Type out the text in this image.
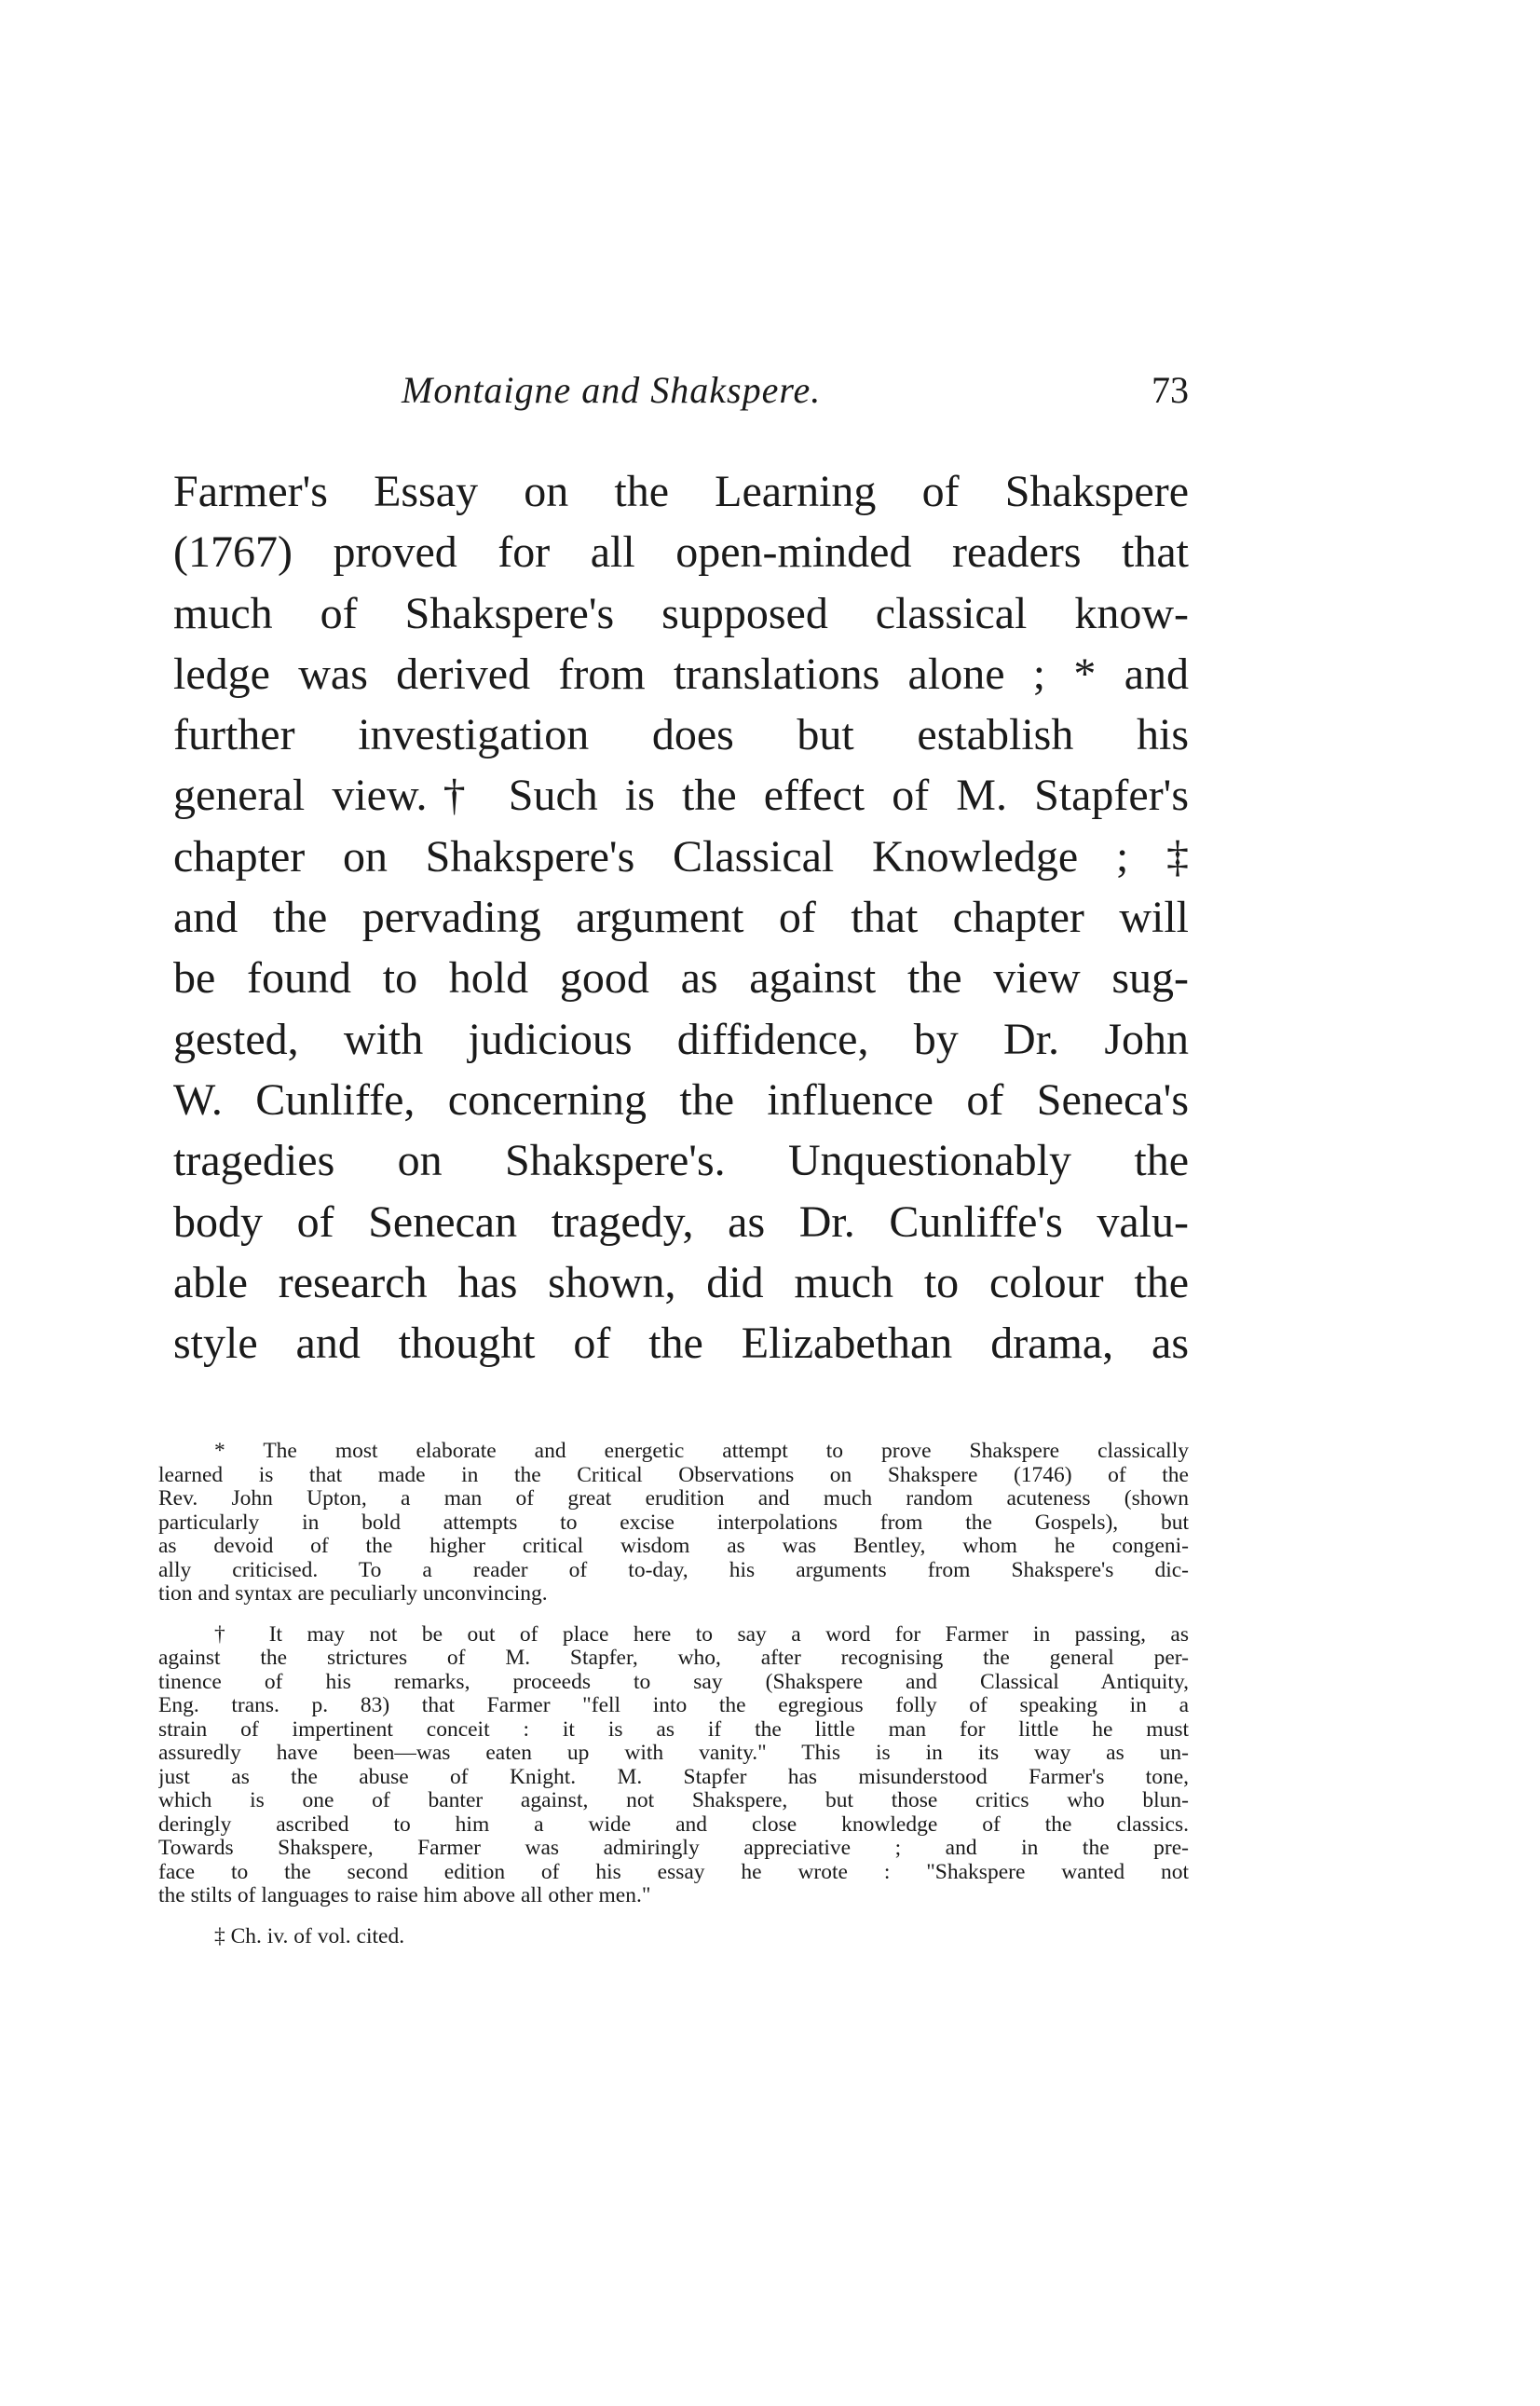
Montaigne and Shakspere.	73
Farmer's Essay on the Learning of Shakspere
(1767) proved for all open-minded readers that
much of Shakspere's supposed classical know-
ledge was derived from translations alone ; * and
further investigation does but establish his
general view.† Such is the effect of M. Stapfer's
chapter on Shakspere's Classical Knowledge ; ‡
and the pervading argument of that chapter will
be found to hold good as against the view sug-
gested, with judicious diffidence, by Dr. John
W. Cunliffe, concerning the influence of Seneca's
tragedies on Shakspere's. Unquestionably the
body of Senecan tragedy, as Dr. Cunliffe's valu-
able research has shown, did much to colour the
style and thought of the Elizabethan drama, as
* The most elaborate and energetic attempt to prove Shakspere classically
learned is that made in the Critical Observations on Shakspere (1746) of the
Rev. John Upton, a man of great erudition and much random acuteness (shown
particularly in bold attempts to excise interpolations from the Gospels), but
as devoid of the higher critical wisdom as was Bentley, whom he congeni-
ally criticised. To a reader of to-day, his arguments from Shakspere's dic-
tion and syntax are peculiarly unconvincing.
† It may not be out of place here to say a word for Farmer in passing, as
against the strictures of M. Stapfer, who, after recognising the general per-
tinence of his remarks, proceeds to say (Shakspere and Classical Antiquity,
Eng. trans. p. 83) that Farmer "fell into the egregious folly of speaking in a
strain of impertinent conceit : it is as if the little man for little he must
assuredly have been—was eaten up with vanity." This is in its way as un-
just as the abuse of Knight. M. Stapfer has misunderstood Farmer's tone,
which is one of banter against, not Shakspere, but those critics who blun-
deringly ascribed to him a wide and close knowledge of the classics.
Towards Shakspere, Farmer was admiringly appreciative ; and in the pre-
face to the second edition of his essay he wrote : "Shakspere wanted not
the stilts of languages to raise him above all other men."
‡ Ch. iv. of vol. cited.
